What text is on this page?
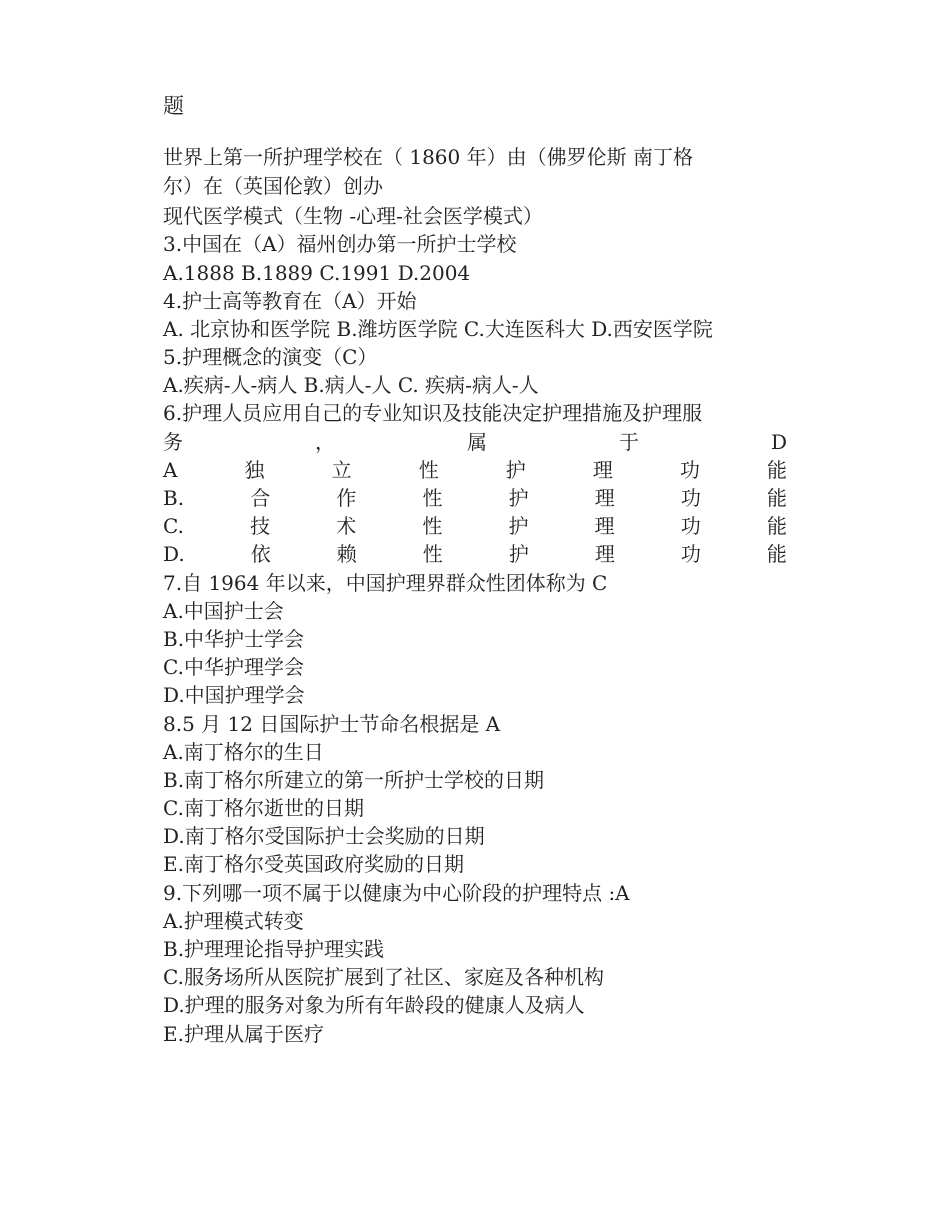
题
世界上第一所护理学校在（ 1860 年）由（佛罗伦斯 南丁格
尔）在（英国伦敦）创办
现代医学模式（生物 -心理-社会医学模式）
3.中国在（A）福州创办第一所护士学校
A.1888 B.1889 C.1991 D.2004
4.护士高等教育在（A）开始
A. 北京协和医学院 B.潍坊医学院 C.大连医科大 D.西安医学院
5.护理概念的演变（C）
A.疾病-人-病人 B.病人-人 C. 疾病-病人-人
6.护理人员应用自己的专业知识及技能决定护理措施及护理服
务	，	属	于	D
A	独	立	性	护	理	功	能
B.	合	作	性	护	理	功	能
C.	技	术	性	护	理	功	能
D.	依	赖	性	护	理	功	能
7.自 1964 年以来，中国护理界群众性团体称为 C
A.中国护士会
B.中华护士学会
C.中华护理学会
D.中国护理学会
8.5 月 12 日国际护士节命名根据是 A
A.南丁格尔的生日
B.南丁格尔所建立的第一所护士学校的日期
C.南丁格尔逝世的日期
D.南丁格尔受国际护士会奖励的日期
E.南丁格尔受英国政府奖励的日期
9.下列哪一项不属于以健康为中心阶段的护理特点 :A
A.护理模式转变
B.护理理论指导护理实践
C.服务场所从医院扩展到了社区、家庭及各种机构
D.护理的服务对象为所有年龄段的健康人及病人
E.护理从属于医疗
